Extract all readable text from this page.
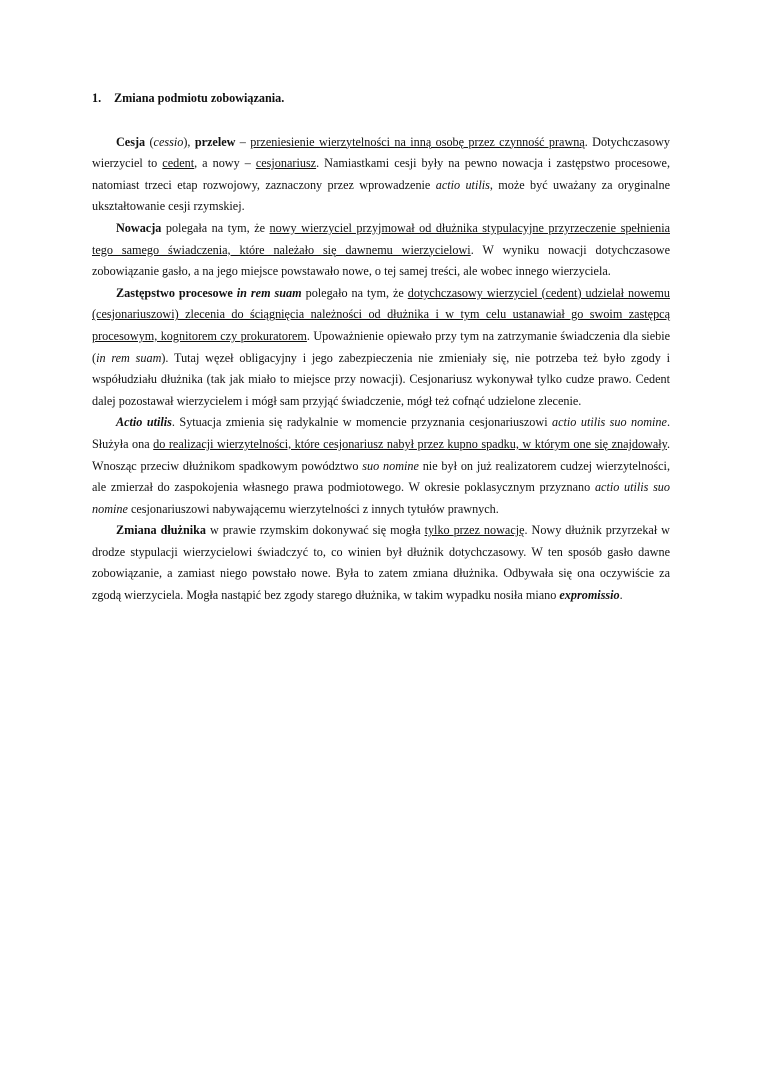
1. Zmiana podmiotu zobowiązania.

Cesja (cessio), przelew – przeniesienie wierzytelności na inną osobę przez czynność prawną. Dotychczasowy wierzyciel to cedent, a nowy – cesjonariusz. Namiastkami cesji były na pewno nowacja i zastępstwo procesowe, natomiast trzeci etap rozwojowy, zaznaczony przez wprowadzenie actio utilis, może być uważany za oryginalne ukształtowanie cesji rzymskiej.

Nowacja polegała na tym, że nowy wierzyciel przyjmował od dłużnika stypulacyjne przyrzeczenie spełnienia tego samego świadczenia, które należało się dawnemu wierzycielowi. W wyniku nowacji dotychczasowe zobowiązanie gasło, a na jego miejsce powstawało nowe, o tej samej treści, ale wobec innego wierzyciela.

Zastępstwo procesowe in rem suam polegało na tym, że dotychczasowy wierzyciel (cedent) udzielał nowemu (cesjonariuszowi) zlecenia do ściągnięcia należności od dłużnika i w tym celu ustanawiał go swoim zastępcą procesowym, kognitorem czy prokuratorem. Upoważnienie opiewało przy tym na zatrzymanie świadczenia dla siebie (in rem suam). Tutaj węzeł obligacyjny i jego zabezpieczenia nie zmieniały się, nie potrzeba też było zgody i współudziału dłużnika (tak jak miało to miejsce przy nowacji). Cesjonariusz wykonywał tylko cudze prawo. Cedent dalej pozostawał wierzycielem i mógł sam przyjąć świadczenie, mógł też cofnąć udzielone zlecenie.

Actio utilis. Sytuacja zmienia się radykalnie w momencie przyznania cesjonariuszowi actio utilis suo nomine. Służyła ona do realizacji wierzytelności, które cesjonariusz nabył przez kupno spadku, w którym one się znajdowały. Wnosząc przeciw dłużnikom spadkowym powództwo suo nomine nie był on już realizatorem cudzej wierzytelności, ale zmierzał do zaspokojenia własnego prawa podmiotowego. W okresie poklasycznym przyznano actio utilis suo nomine cesjonariuszowi nabywającemu wierzytelności z innych tytułów prawnych.

Zmiana dłużnika w prawie rzymskim dokonywać się mogła tylko przez nowację. Nowy dłużnik przyrzekał w drodze stypulacji wierzycielowi świadczyć to, co winien był dłużnik dotychczasowy. W ten sposób gasło dawne zobowiązanie, a zamiast niego powstało nowe. Była to zatem zmiana dłużnika. Odbywała się ona oczywiście za zgodą wierzyciela. Mogła nastąpić bez zgody starego dłużnika, w takim wypadku nosiła miano expromissio.
